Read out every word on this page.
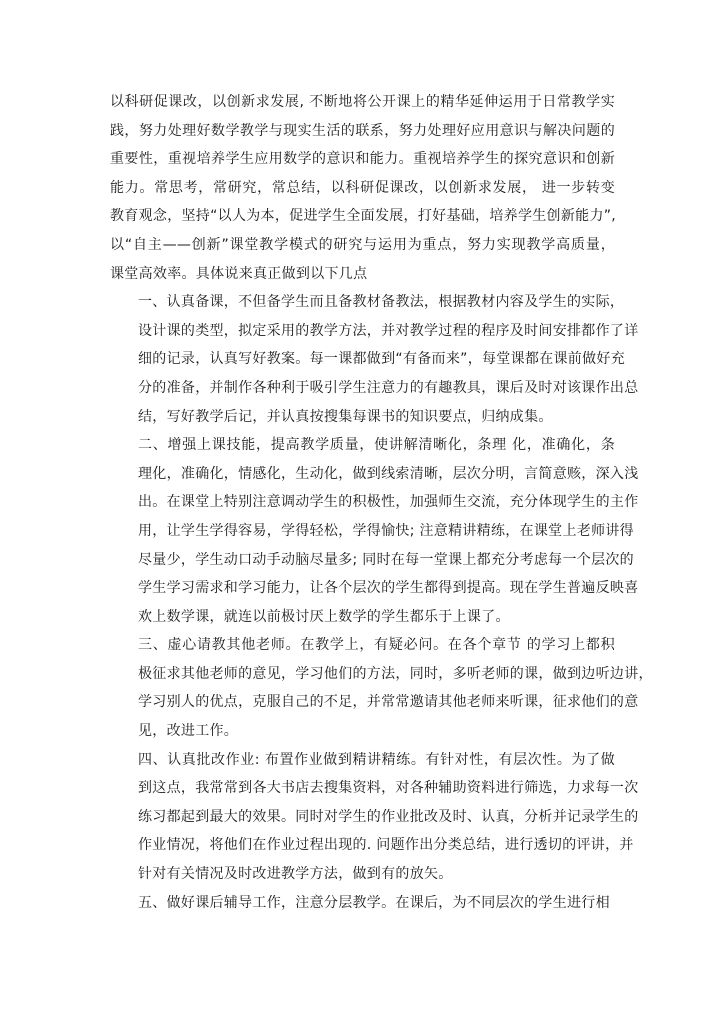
以科研促课改，以创新求发展, 不断地将公开课上的精华延伸运用于日常教学实
践，努力处理好数学教学与现实生活的联系，努力处理好应用意识与解决问题的
重要性，重视培养学生应用数学的意识和能力。重视培养学生的探究意识和创新
能力。常思考，常研究，常总结，以科研促课改，以创新求发展， 进一步转变
教育观念，坚持“以人为本，促进学生全面发展，打好基础，培养学生创新能力”,
以“自主——创新”课堂教学模式的研究与运用为重点，努力实现教学高质量，
课堂高效率。具体说来真正做到以下几点

一、认真备课，不但备学生而且备教材备教法，根据教材内容及学生的实际，
设计课的类型，拟定采用的教学方法，并对教学过程的程序及时间安排都作了详
细的记录，认真写好教案。每一课都做到“有备而来”，每堂课都在课前做好充
分的准备，并制作各种利于吸引学生注意力的有趣教具，课后及时对该课作出总
结，写好教学后记，并认真按搜集每课书的知识要点，归纳成集。

二、增强上课技能，提高教学质量，使讲解清晰化，条理 化，准确化，条
理化，准确化，情感化，生动化，做到线索清晰，层次分明，言简意赅，深入浅
出。在课堂上特别注意调动学生的积极性，加强师生交流，充分体现学生的主作
用，让学生学得容易，学得轻松，学得愉快; 注意精讲精练，在课堂上老师讲得
尽量少，学生动口动手动脑尽量多; 同时在每一堂课上都充分考虑每一个层次的
学生学习需求和学习能力，让各个层次的学生都得到提高。现在学生普遍反映喜
欢上数学课，就连以前极讨厌上数学的学生都乐于上课了。

三、虚心请教其他老师。在教学上，有疑必问。在各个章节 的学习上都积
极征求其他老师的意见，学习他们的方法，同时，多听老师的课，做到边听边讲，
学习别人的优点，克服自己的不足，并常常邀请其他老师来听课，征求他们的意
见，改进工作。

四、认真批改作业: 布置作业做到精讲精练。有针对性，有层次性。为了做
到这点，我常常到各大书店去搜集资料，对各种辅助资料进行筛选，力求每一次
练习都起到最大的效果。同时对学生的作业批改及时、认真，分析并记录学生的
作业情况，将他们在作业过程出现的. 问题作出分类总结，进行透切的评讲，并
针对有关情况及时改进教学方法，做到有的放矢。

五、做好课后辅导工作，注意分层教学。在课后，为不同层次的学生进行相
